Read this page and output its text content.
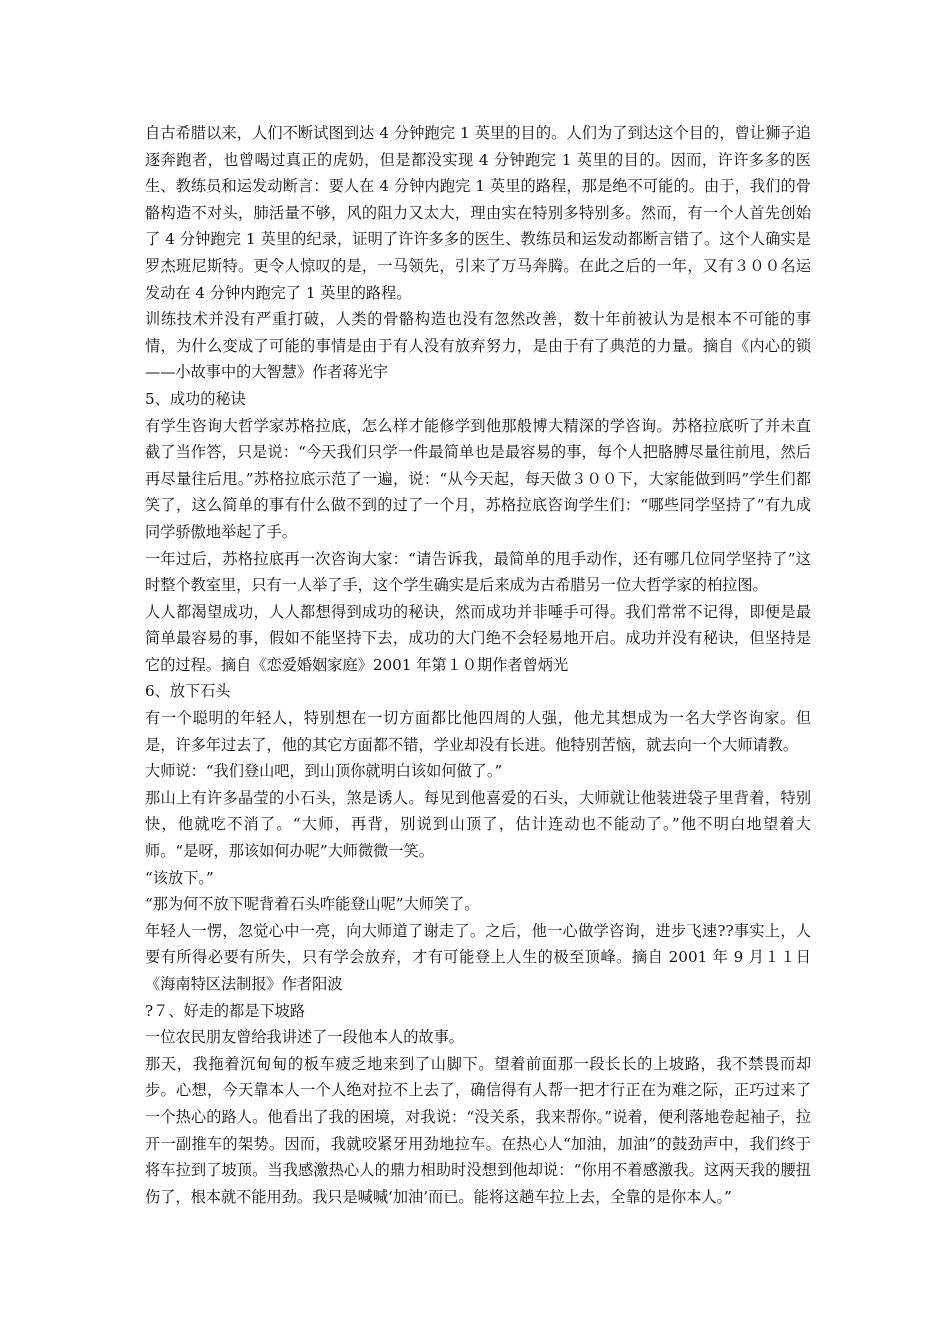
自古希腊以来，人们不断试图到达 4 分钟跑完 1 英里的目的。人们为了到达这个目的，曾让狮子追逐奔跑者，也曾喝过真正的虎奶，但是都没实现 4 分钟跑完 1 英里的目的。因而，许许多多的医生、教练员和运发动断言：要人在 4 分钟内跑完 1 英里的路程，那是绝不可能的。由于，我们的骨骼构造不对头，肺活量不够，风的阻力又太大，理由实在特别多特别多。然而，有一个人首先创始了 4 分钟跑完 1 英里的纪录，证明了许许多多的医生、教练员和运发动都断言错了。这个人确实是罗杰班尼斯特。更令人惊叹的是，一马领先，引来了万马奔腾。在此之后的一年，又有３００名运发动在 4 分钟内跑完了 1 英里的路程。

训练技术并没有严重打破，人类的骨骼构造也没有忽然改善，数十年前被认为是根本不可能的事情，为什么变成了可能的事情是由于有人没有放弃努力，是由于有了典范的力量。摘自《内心的锁——小故事中的大智慧》作者蒋光宇

5、成功的秘诀

有学生咨询大哲学家苏格拉底，怎么样才能修学到他那般博大精深的学咨询。苏格拉底听了并未直截了当作答，只是说：“今天我们只学一件最简单也是最容易的事，每个人把胳膊尽量往前甩，然后再尽量往后甩。”苏格拉底示范了一遍，说：“从今天起，每天做３００下，大家能做到吗”学生们都笑了，这么简单的事有什么做不到的过了一个月，苏格拉底咨询学生们：“哪些同学坚持了”有九成同学骄傲地举起了手。

一年过后，苏格拉底再一次咨询大家：“请告诉我，最简单的甩手动作，还有哪几位同学坚持了”这时整个教室里，只有一人举了手，这个学生确实是后来成为古希腊另一位大哲学家的柏拉图。

人人都渴望成功，人人都想得到成功的秘诀，然而成功并非唾手可得。我们常常不记得，即便是最简单最容易的事，假如不能坚持下去，成功的大门绝不会轻易地开启。成功并没有秘诀，但坚持是它的过程。摘自《恋爱婚姻家庭》2001 年第１０期作者曾炳光

6、放下石头

有一个聪明的年轻人，特别想在一切方面都比他四周的人强，他尤其想成为一名大学咨询家。但是，许多年过去了，他的其它方面都不错，学业却没有长进。他特别苦恼，就去向一个大师请教。

大师说：“我们登山吧，到山顶你就明白该如何做了。”

那山上有许多晶莹的小石头，煞是诱人。每见到他喜爱的石头，大师就让他装进袋子里背着，特别快，他就吃不消了。“大师，再背，别说到山顶了，估计连动也不能动了。”他不明白地望着大师。“是呀，那该如何办呢”大师微微一笑。

“该放下。”

“那为何不放下呢背着石头咋能登山呢”大师笑了。

年轻人一愣，忽觉心中一亮，向大师道了谢走了。之后，他一心做学咨询，进步飞速??事实上，人要有所得必要有所失，只有学会放弃，才有可能登上人生的极至顶峰。摘自 2001 年 9 月１１日《海南特区法制报》作者阳波

?７、好走的都是下坡路

一位农民朋友曾给我讲述了一段他本人的故事。

那天，我拖着沉甸甸的板车疲乏地来到了山脚下。望着前面那一段长长的上坡路，我不禁畏而却步。心想，今天靠本人一个人绝对拉不上去了，确信得有人帮一把才行正在为难之际，正巧过来了一个热心的路人。他看出了我的困境，对我说：“没关系，我来帮你。”说着，便利落地卷起袖子，拉开一副推车的架势。因而，我就咬紧牙用劲地拉车。在热心人“加油，加油”的鼓劲声中，我们终于将车拉到了坡顶。当我感激热心人的鼎力相助时没想到他却说：“你用不着感激我。这两天我的腰扭伤了，根本就不能用劲。我只是喊喊‘加油’而已。能将这趟车拉上去，全靠的是你本人。”
